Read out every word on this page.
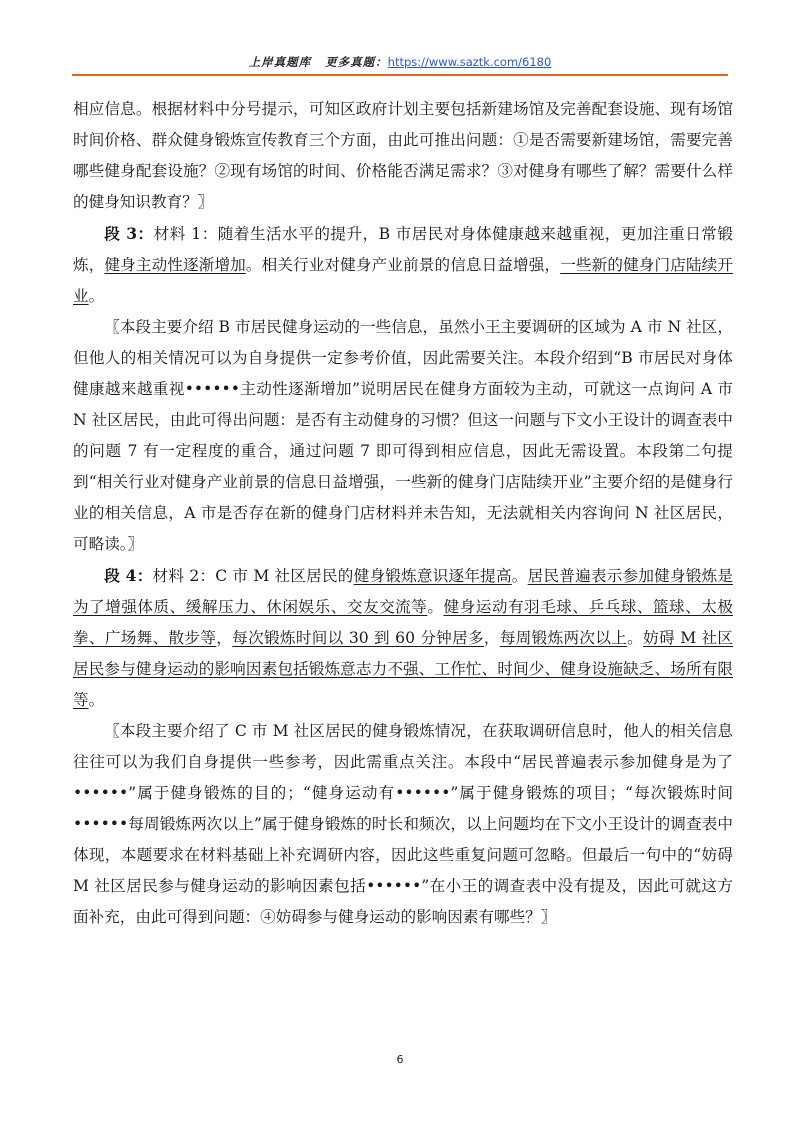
上岸真题库 更多真题：https://www.saztk.com/6180

相应信息。根据材料中分号提示，可知区政府计划主要包括新建场馆及完善配套设施、现有场馆时间价格、群众健身锻炼宣传教育三个方面，由此可推出问题：①是否需要新建场馆，需要完善哪些健身配套设施？②现有场馆的时间、价格能否满足需求？③对健身有哪些了解？需要什么样的健身知识教育？〗

段 3：材料 1：随着生活水平的提升，B 市居民对身体健康越来越重视，更加注重日常锻炼，健身主动性逐渐增加。相关行业对健身产业前景的信息日益增强，一些新的健身门店陆续开业。

〖本段主要介绍 B 市居民健身运动的一些信息，虽然小王主要调研的区域为 A 市 N 社区，但他人的相关情况可以为自身提供一定参考价值，因此需要关注。本段介绍到“B 市居民对身体健康越来越重视••••••主动性逐渐增加”说明居民在健身方面较为主动，可就这一点询问 A 市 N 社区居民，由此可得出问题：是否有主动健身的习惯？但这一问题与下文小王设计的调查表中的问题 7 有一定程度的重合，通过问题 7 即可得到相应信息，因此无需设置。本段第二句提到“相关行业对健身产业前景的信息日益增强，一些新的健身门店陆续开业”主要介绍的是健身行业的相关信息，A 市是否存在新的健身门店材料并未告知，无法就相关内容询问 N 社区居民，可略读。〗

段 4：材料 2：C 市 M 社区居民的健身锻炼意识逐年提高。居民普遍表示参加健身锻炼是为了增强体质、缓解压力、休闲娱乐、交友交流等。健身运动有羽毛球、乒乓球、篮球、太极拳、广场舞、散步等，每次锻炼时间以 30 到 60 分钟居多，每周锻炼两次以上。妨碍 M 社区居民参与健身运动的影响因素包括锻炼意志力不强、工作忙、时间少、健身设施缺乏、场所有限等。

〖本段主要介绍了 C 市 M 社区居民的健身锻炼情况，在获取调研信息时，他人的相关信息往往可以为我们自身提供一些参考，因此需重点关注。本段中“居民普遍表示参加健身是为了••••••”属于健身锻炼的目的；“健身运动有••••••”属于健身锻炼的项目；“每次锻炼时间••••••每周锻炼两次以上”属于健身锻炼的时长和频次，以上问题均在下文小王设计的调查表中体现，本题要求在材料基础上补充调研内容，因此这些重复问题可忽略。但最后一句中的“妨碍 M 社区居民参与健身运动的影响因素包括••••••”在小王的调查表中没有提及，因此可就这方面补充，由此可得到问题：④妨碍参与健身运动的影响因素有哪些？〗

6
